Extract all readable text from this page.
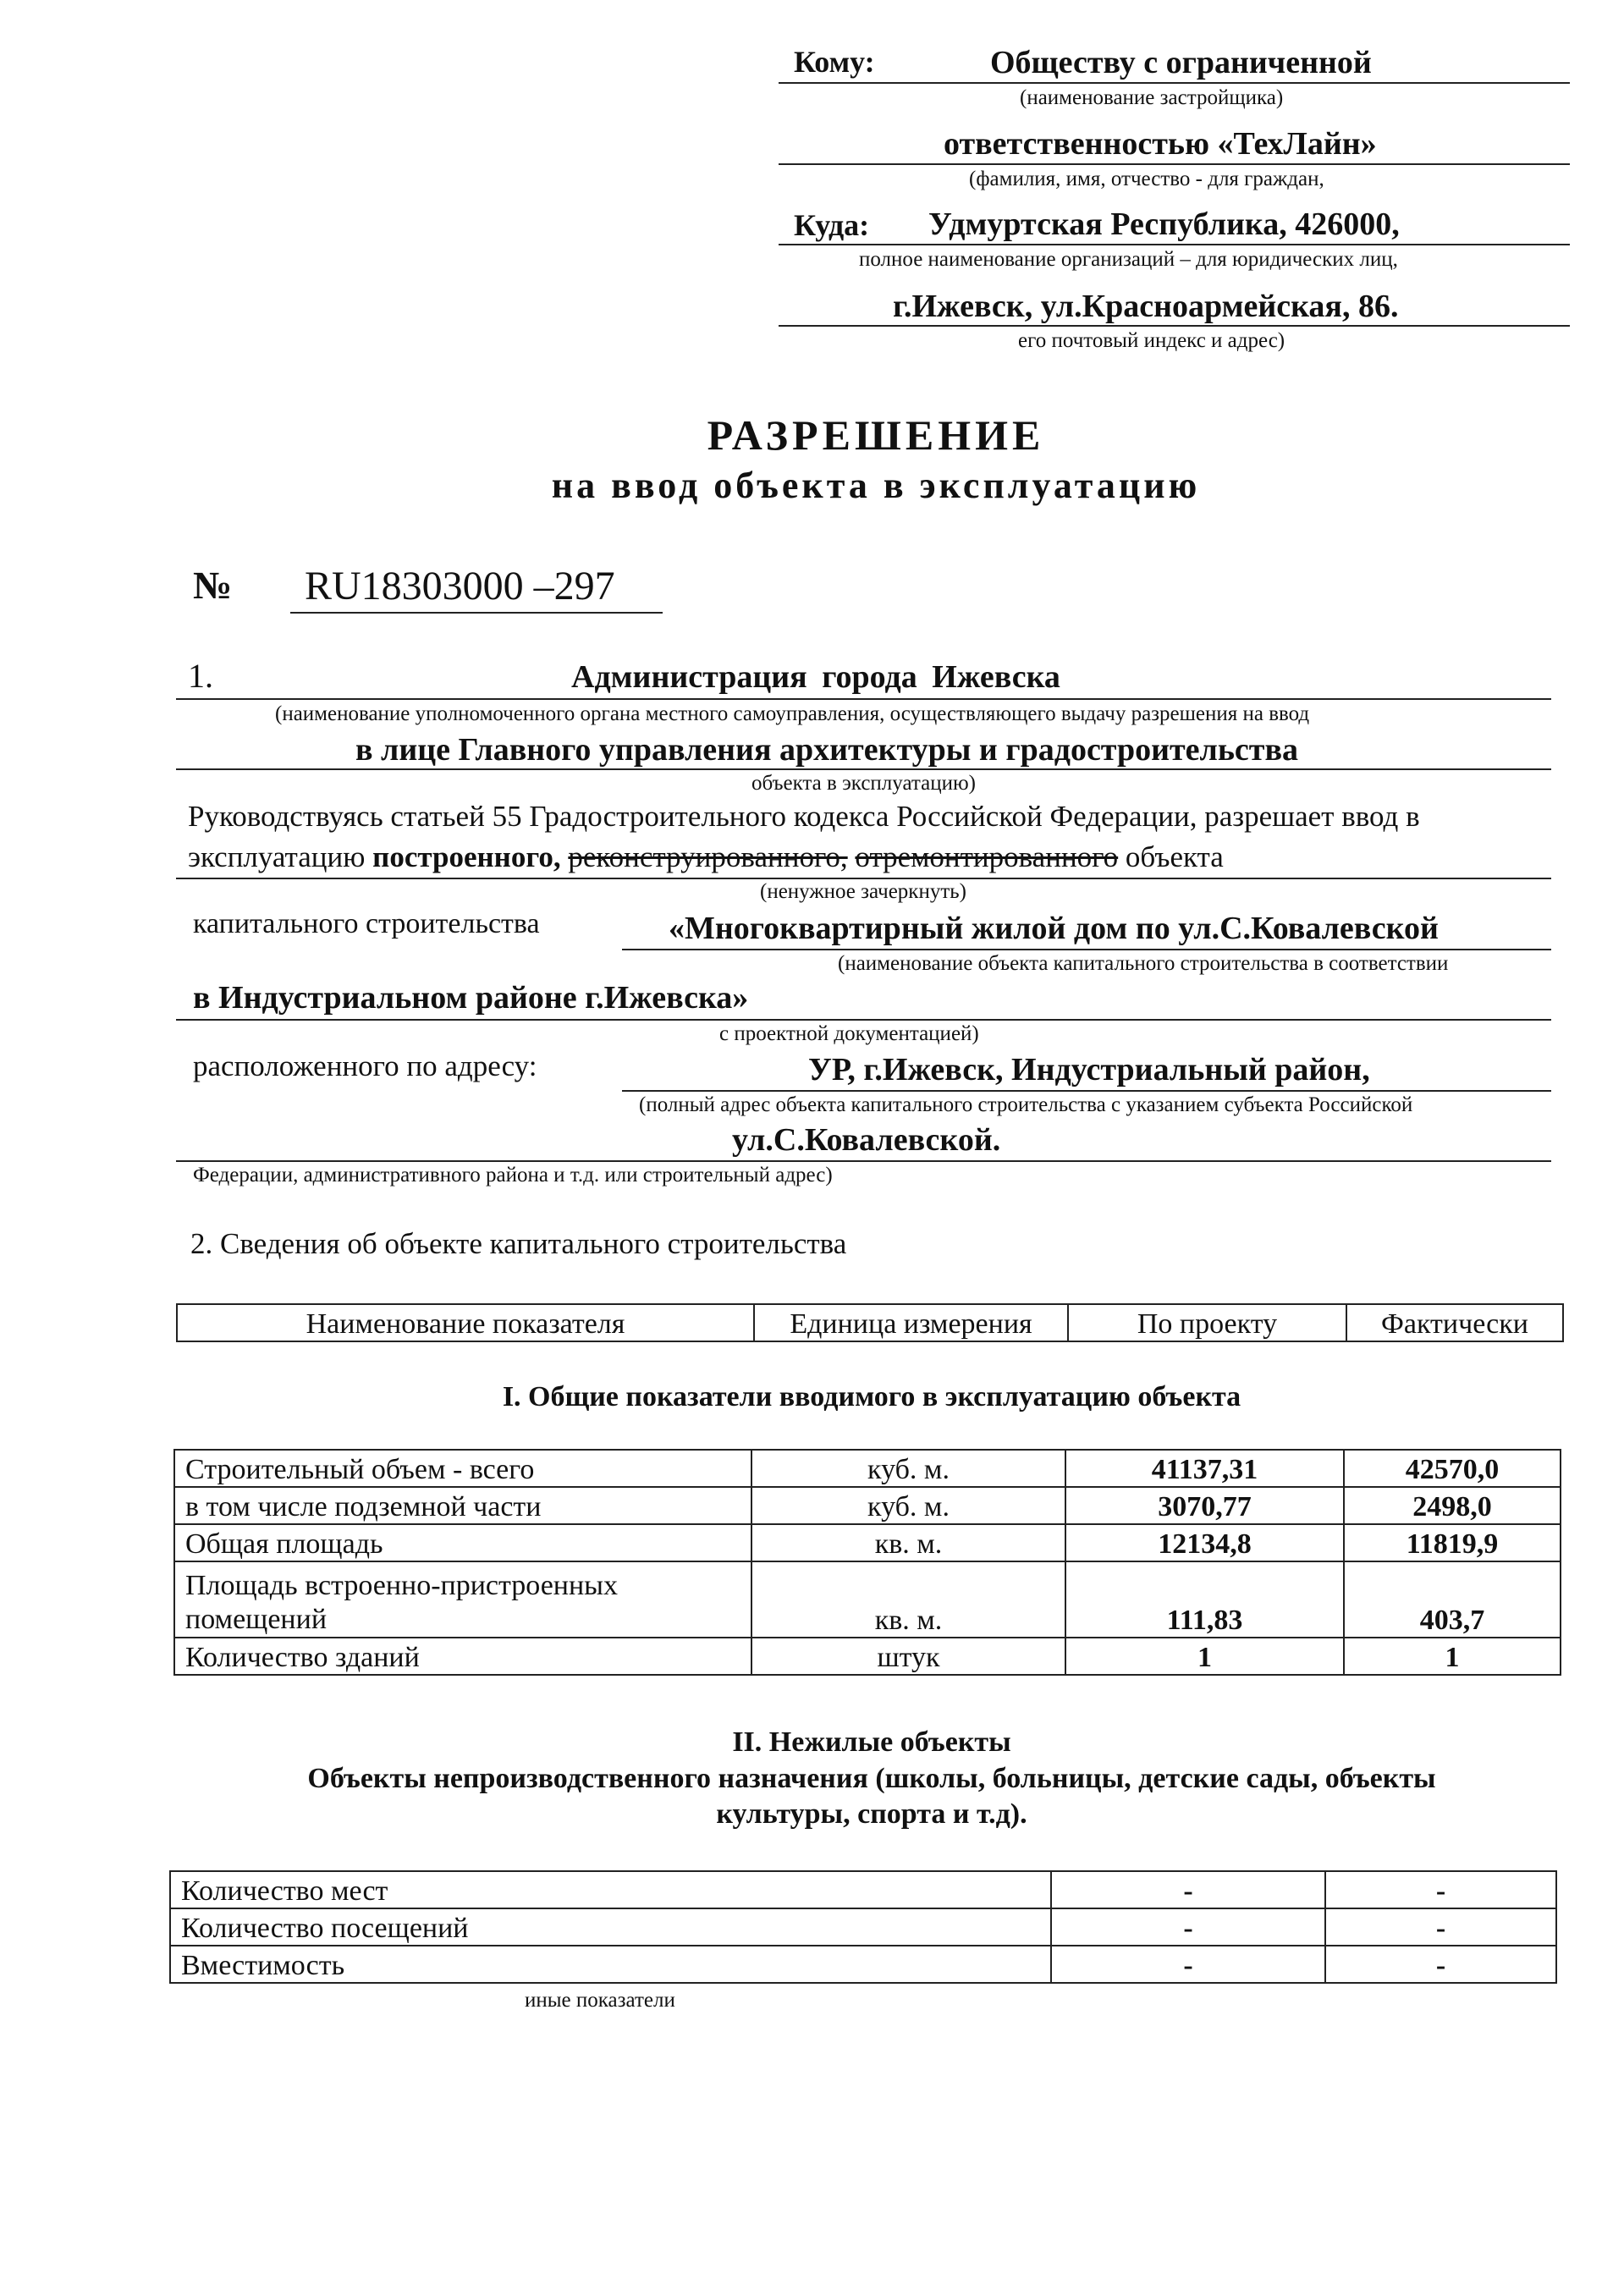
Кому:	Обществу с ограниченной
(наименование застройщика)
ответственностью «ТехЛайн»
(фамилия, имя, отчество - для граждан,
Куда: Удмуртская Республика, 426000,
полное наименование организаций – для юридических лиц,
г.Ижевск, ул.Красноармейская, 86.
его почтовый индекс и адрес)
РАЗРЕШЕНИЕ
на ввод объекта в эксплуатацию
№ RU18303000 –297
1.	Администрация города Ижевска
(наименование уполномоченного органа местного самоуправления, осуществляющего выдачу разрешения на ввод
в лице Главного управления архитектуры и градостроительства
объекта в эксплуатацию)
Руководствуясь статьей 55 Градостроительного кодекса Российской Федерации, разрешает ввод в
эксплуатацию построенного, реконструированного, отремонтированного объекта
(ненужное зачеркнуть)
капитального строительства	«Многоквартирный жилой дом по ул.С.Ковалевской
(наименование объекта капитального строительства в соответствии
в Индустриальном районе г.Ижевска»
с проектной документацией)
расположенного по адресу:	УР, г.Ижевск, Индустриальный район,
(полный адрес объекта капитального строительства с указанием субъекта Российской
ул.С.Ковалевской.
Федерации, административного района и т.д. или строительный адрес)
2. Сведения об объекте капитального строительства
Наименование показателя	Единица измерения	По проекту	Фактически
I. Общие показатели вводимого в эксплуатацию объекта
Строительный объем - всего	куб. м.	41137,31	42570,0
в том числе подземной части	куб. м.	3070,77	2498,0
Общая площадь	кв. м.	12134,8	11819,9
Площадь встроенно-пристроенных помещений	кв. м.	111,83	403,7
Количество зданий	штук	1	1
II. Нежилые объекты
Объекты непроизводственного назначения (школы, больницы, детские сады, объекты
культуры, спорта и т.д).
Количество мест	-	-
Количество посещений	-	-
Вместимость	-	-
иные показатели
